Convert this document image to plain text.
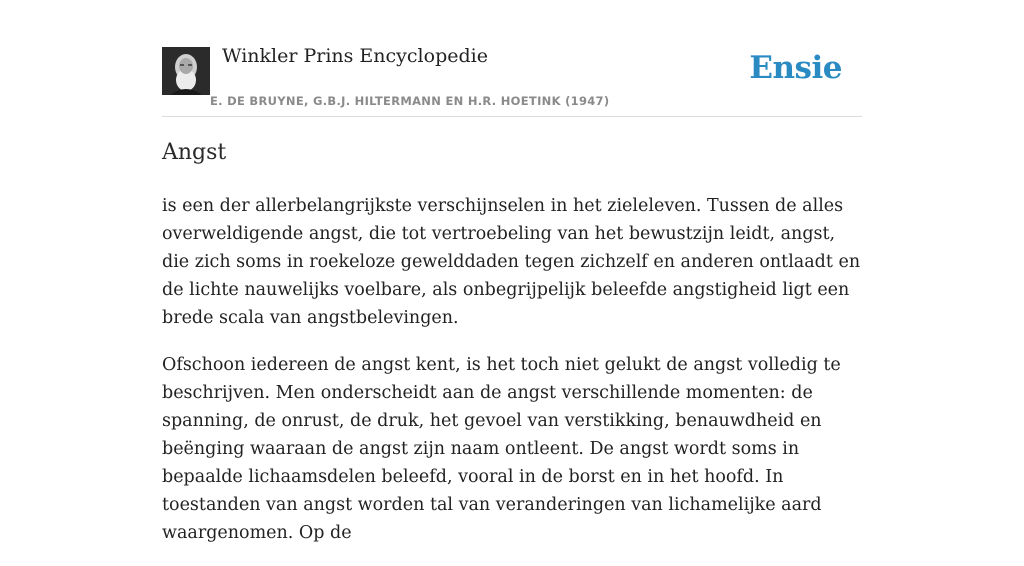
Winkler Prins Encyclopedie
E. DE BRUYNE, G.B.J. HILTERMANN EN H.R. HOETINK (1947)
Ensie
Angst

is een der allerbelangrijkste verschijnselen in het zieleleven. Tussen de alles overweldigende angst, die tot vertroebeling van het bewustzijn leidt, angst, die zich soms in roekeloze gewelddaden tegen zichzelf en anderen ontlaadt en de lichte nauwelijks voelbare, als onbegrijpelijk beleefde angstigheid ligt een brede scala van angstbelevingen.

Ofschoon iedereen de angst kent, is het toch niet gelukt de angst volledig te beschrijven. Men onderscheidt aan de angst verschillende momenten: de spanning, de onrust, de druk, het gevoel van verstikking, benauwdheid en beënging waaraan de angst zijn naam ontleent. De angst wordt soms in bepaalde lichaamsdelen beleefd, vooral in de borst en in het hoofd. In toestanden van angst worden tal van veranderingen van lichamelijke aard waargenomen. Op de
